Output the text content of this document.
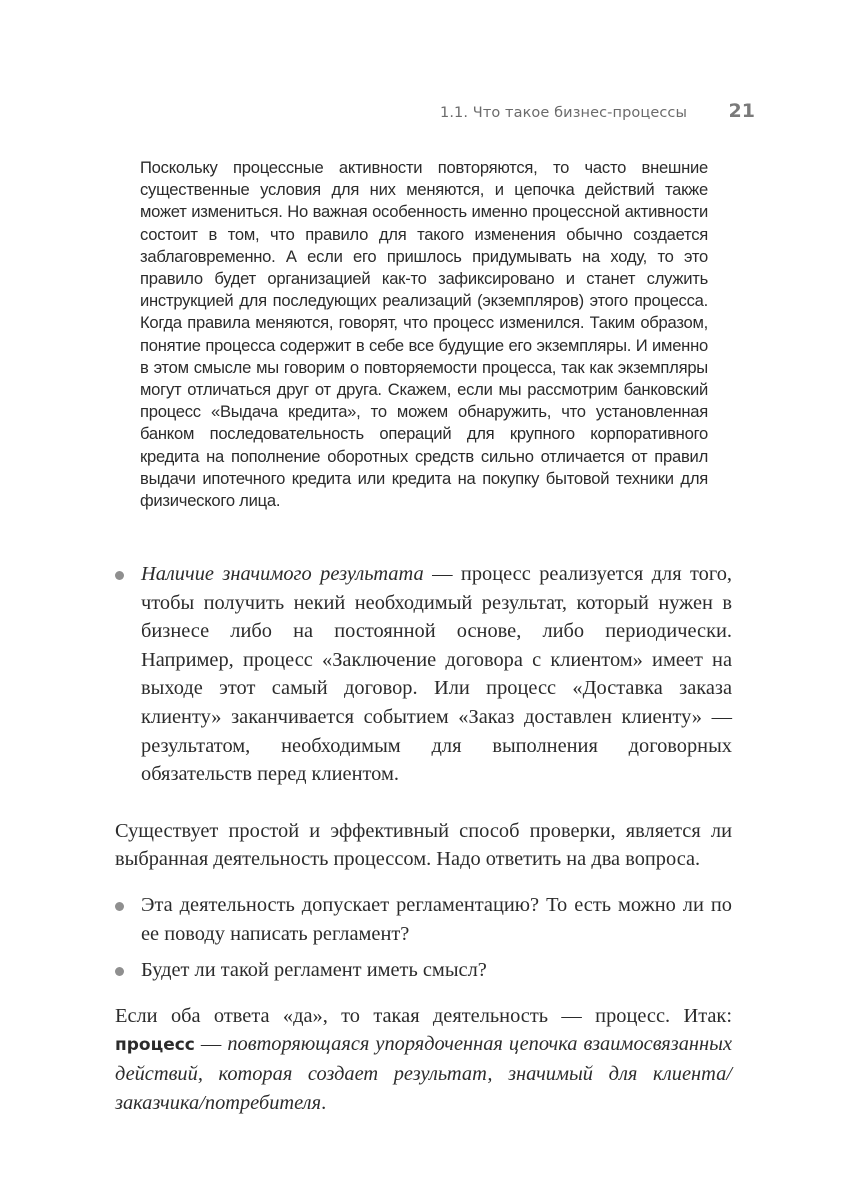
1.1. Что такое бизнес-процессы 21

Поскольку процессные активности повторяются, то часто внешние существенные условия для них меняются, и цепочка действий также может измениться. Но важная особенность именно процессной активности состоит в том, что правило для такого изменения обычно создается заблаговременно. А если его пришлось придумывать на ходу, то это правило будет организацией как-то зафиксировано и станет служить инструкцией для последующих реализаций (экземпляров) этого процесса. Когда правила меняются, говорят, что процесс изменился. Таким образом, понятие процесса содержит в себе все будущие его экземпляры. И именно в этом смысле мы говорим о повторяемости процесса, так как экземпляры могут отличаться друг от друга. Скажем, если мы рассмотрим банковский процесс «Выдача кредита», то можем обнаружить, что установленная банком последовательность операций для крупного корпоративного кредита на пополнение оборотных средств сильно отличается от правил выдачи ипотечного кредита или кредита на покупку бытовой техники для физического лица.

Наличие значимого результата — процесс реализуется для того, чтобы получить некий необходимый результат, который нужен в бизнесе либо на постоянной основе, либо периодически. Например, процесс «Заключение договора с клиентом» имеет на выходе этот самый договор. Или процесс «Доставка заказа клиенту» заканчивается событием «Заказ доставлен клиенту» — результатом, необходимым для выполнения договорных обязательств перед клиентом.

Существует простой и эффективный способ проверки, является ли выбранная деятельность процессом. Надо ответить на два вопроса.

Эта деятельность допускает регламентацию? То есть можно ли по ее поводу написать регламент?
Будет ли такой регламент иметь смысл?

Если оба ответа «да», то такая деятельность — процесс. Итак: процесс — повторяющаяся упорядоченная цепочка взаимосвязанных действий, которая создает результат, значимый для клиента/заказчика/потребителя.
